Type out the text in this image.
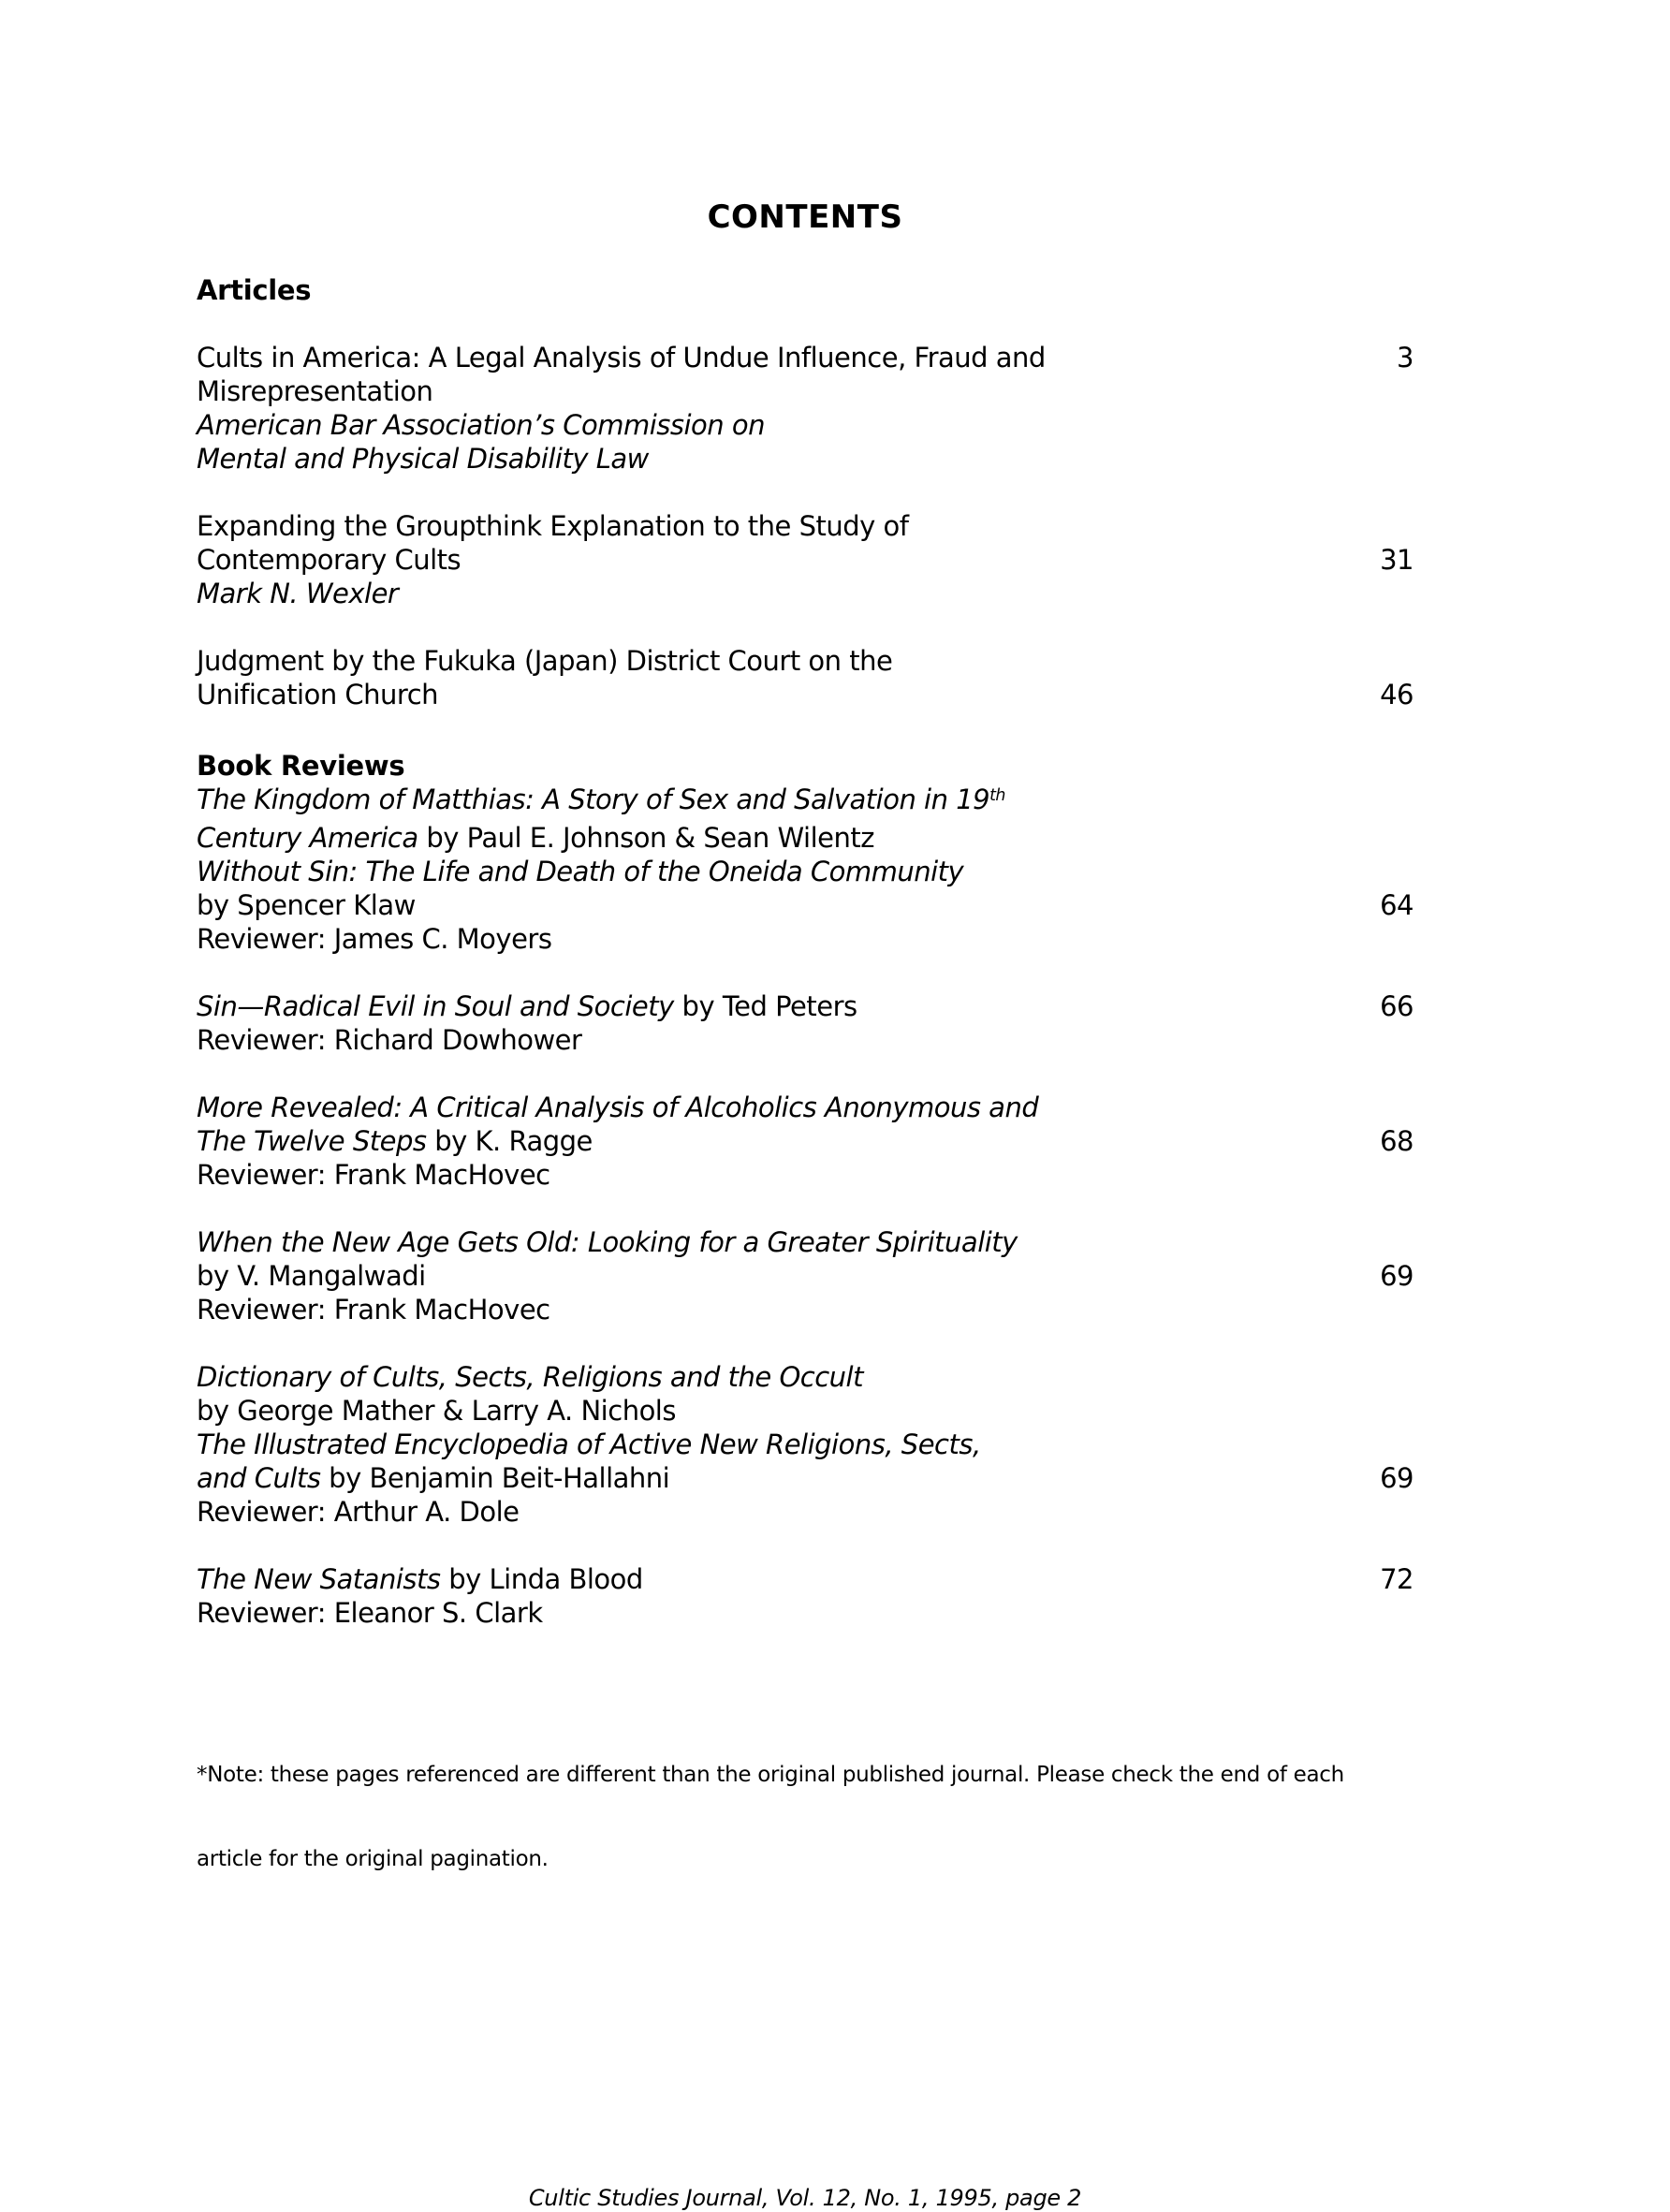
CONTENTS
Articles
Cults in America: A Legal Analysis of Undue Influence, Fraud and	3
Misrepresentation
American Bar Association’s Commission on
Mental and Physical Disability Law
Expanding the Groupthink Explanation to the Study of
Contemporary Cults	31
Mark N. Wexler
Judgment by the Fukuka (Japan) District Court on the
Unification Church	46
Book Reviews
The Kingdom of Matthias: A Story of Sex and Salvation in 19th
Century America by Paul E. Johnson & Sean Wilentz
Without Sin: The Life and Death of the Oneida Community
by Spencer Klaw	64
Reviewer: James C. Moyers
Sin—Radical Evil in Soul and Society by Ted Peters	66
Reviewer: Richard Dowhower
More Revealed: A Critical Analysis of Alcoholics Anonymous and
The Twelve Steps by K. Ragge	68
Reviewer: Frank MacHovec
When the New Age Gets Old: Looking for a Greater Spirituality
by V. Mangalwadi	69
Reviewer: Frank MacHovec
Dictionary of Cults, Sects, Religions and the Occult
by George Mather & Larry A. Nichols
The Illustrated Encyclopedia of Active New Religions, Sects,
and Cults by Benjamin Beit-Hallahni	69
Reviewer: Arthur A. Dole
The New Satanists by Linda Blood	72
Reviewer: Eleanor S. Clark

*Note: these pages referenced are different than the original published journal. Please check the end of each

article for the original pagination.

Cultic Studies Journal, Vol. 12, No. 1, 1995, page 2
